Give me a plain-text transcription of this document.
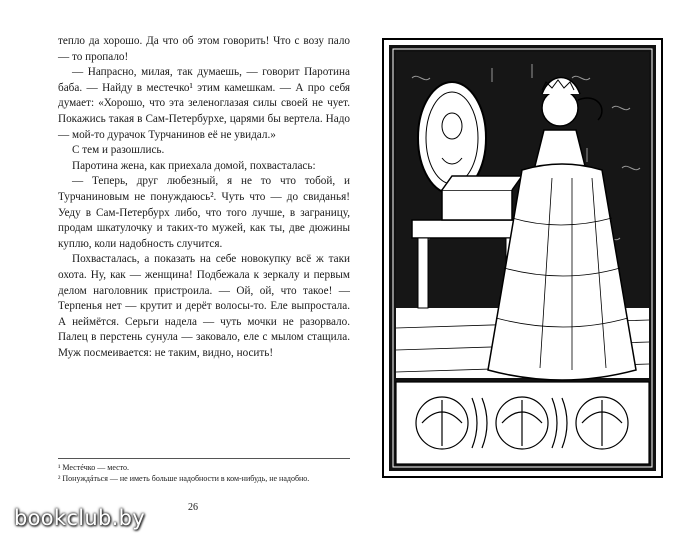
тепло да хорошо. Да что об этом говорить! Что с возу пало — то пропало!

— Напрасно, милая, так думаешь, — говорит Паротина баба. — Найду в местечко¹ этим камешкам. — А про себя думает: «Хорошо, что эта зеленоглазая силы своей не чует. Покажись такая в Сам-Петербурхе, царями бы вертела. Надо — мой-то дурачок Турчанинов её не увидал.»

С тем и разошлись.

Паротина жена, как приехала домой, похвасталась:

— Теперь, друг любезный, я не то что тобой, и Турчаниновым не понуждаюсь². Чуть что — до свиданья! Уеду в Сам-Петербурх либо, что того лучше, в заграницу, продам шкатулочку и таких-то мужей, как ты, две дюжины куплю, коли надобность случится.

Похвасталась, а показать на себе новокупку всё ж таки охота. Ну, как — женщина! Подбежала к зеркалу и первым делом наголовник пристроила. — Ой, ой, что такое! — Терпенья нет — крутит и дерёт волосы-то. Еле выпростала. А неймётся. Серьги надела — чуть мочки не разорвало. Палец в перстень сунула — заковало, еле с мылом стащила. Муж посмеивается: не таким, видно, носить!

¹ Местéчко — место.

² Понуждáться — не иметь больше надобности в ком-нибудь, не надобно.

26
bookclub.by
